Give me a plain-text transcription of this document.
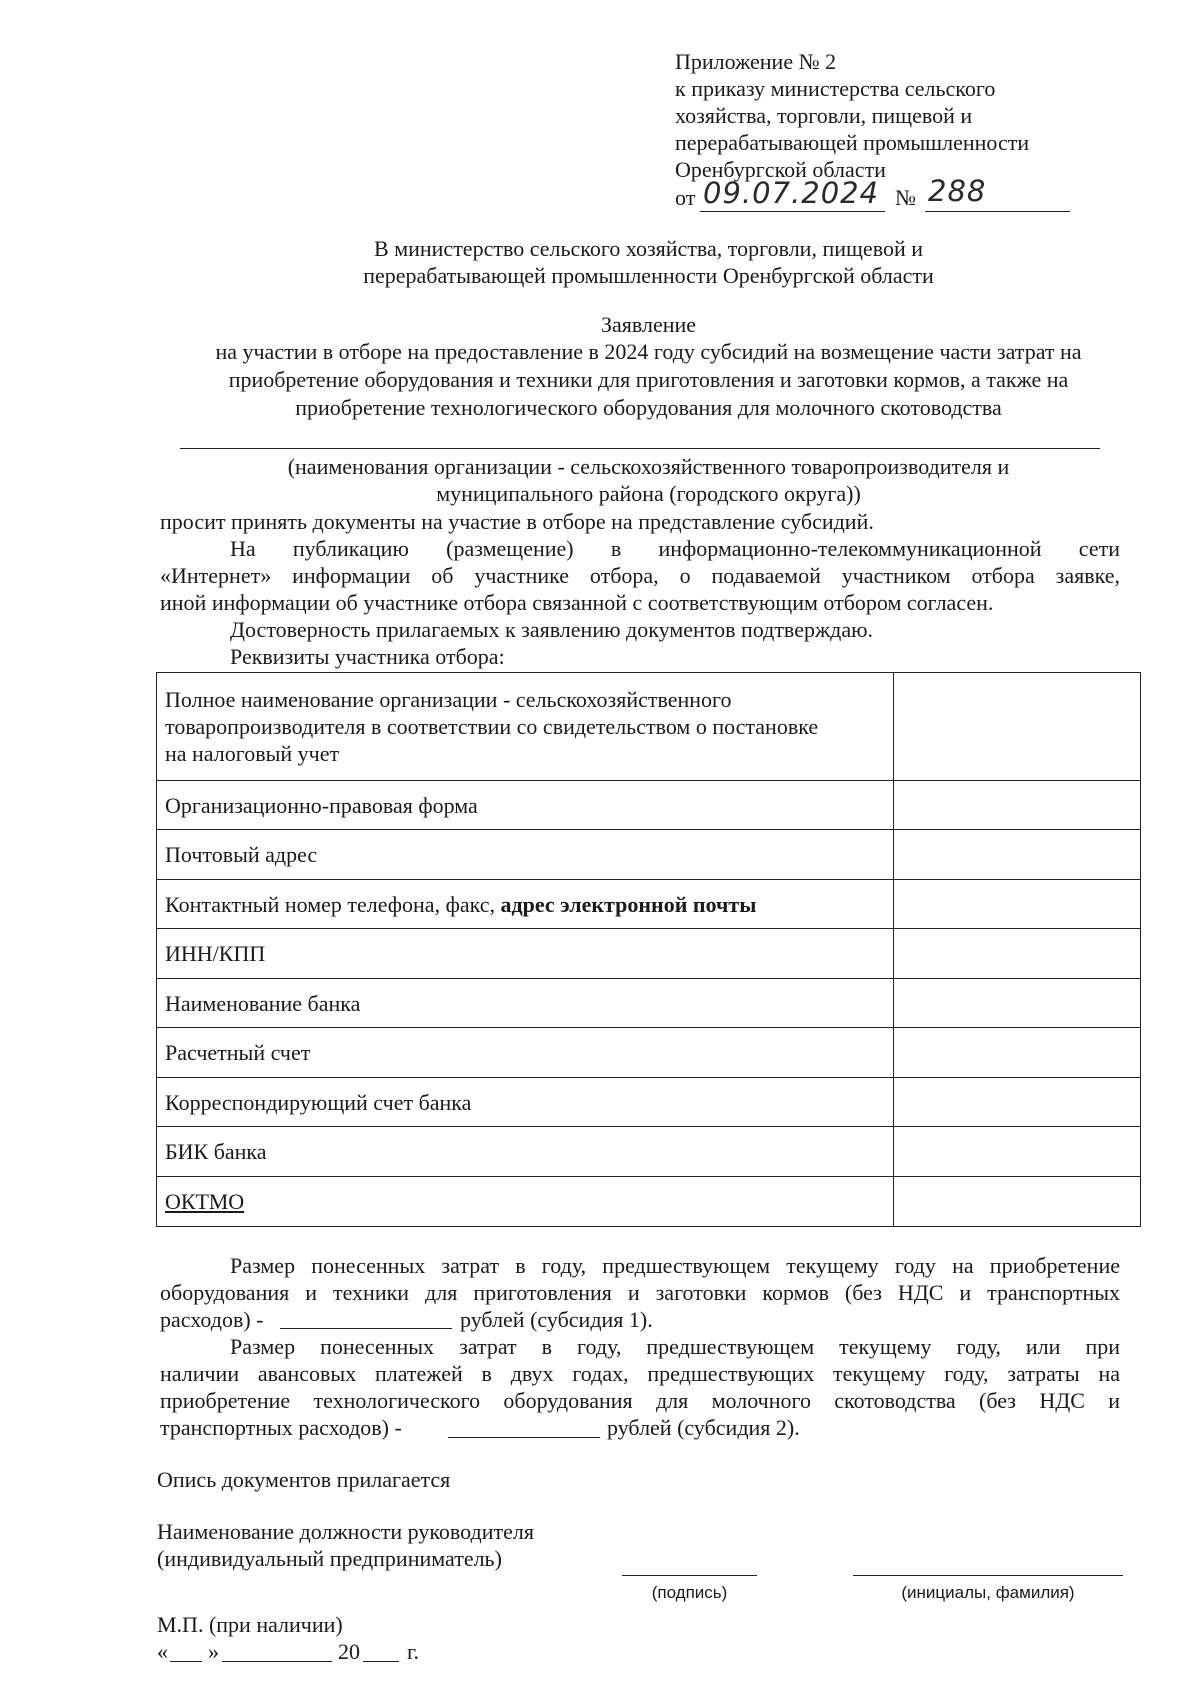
Приложение № 2
к приказу министерства сельского
хозяйства, торговли, пищевой и
перерабатывающей промышленности
Оренбургской области
от 09.07.2024 № 288
В министерство сельского хозяйства, торговли, пищевой и
перерабатывающей промышленности Оренбургской области
Заявление
на участии в отборе на предоставление в 2024 году субсидий на возмещение части затрат на
приобретение оборудования и техники для приготовления и заготовки кормов, а также на
приобретение технологического оборудования для молочного скотоводства
(наименования организации - сельскохозяйственного товаропроизводителя и
муниципального района (городского округа))
просит принять документы на участие в отборе на представление субсидий.
На публикацию (размещение) в информационно-телекоммуникационной сети
«Интернет» информации об участнике отбора, о подаваемой участником отбора заявке,
иной информации об участнике отбора связанной с соответствующим отбором согласен.
Достоверность прилагаемых к заявлению документов подтверждаю.
Реквизиты участника отбора:
Полное наименование организации - сельскохозяйственного
товаропроизводителя в соответствии со свидетельством о постановке
на налоговый учет	

Организационно-правовая форма	
Почтовый адрес	
Контактный номер телефона, факс, адрес электронной почты	
ИНН/КПП	
Наименование банка	
Расчетный счет	
Корреспондирующий счет банка	
БИК банка	
ОКТМО	
Размер понесенных затрат в году, предшествующем текущему году на приобретение
оборудования и техники для приготовления и заготовки кормов (без НДС и транспортных
расходов) -	рублей (субсидия 1).
Размер понесенных затрат в году, предшествующем текущему году, или при
наличии авансовых платежей в двух годах, предшествующих текущему году, затраты на
приобретение технологического оборудования для молочного скотоводства (без НДС и
транспортных расходов) -	рублей (субсидия 2).
Опись документов прилагается
Наименование должности руководителя
(индивидуальный предприниматель)
(подпись)	(инициалы, фамилия)
М.П. (при наличии)
« »	20 г.
